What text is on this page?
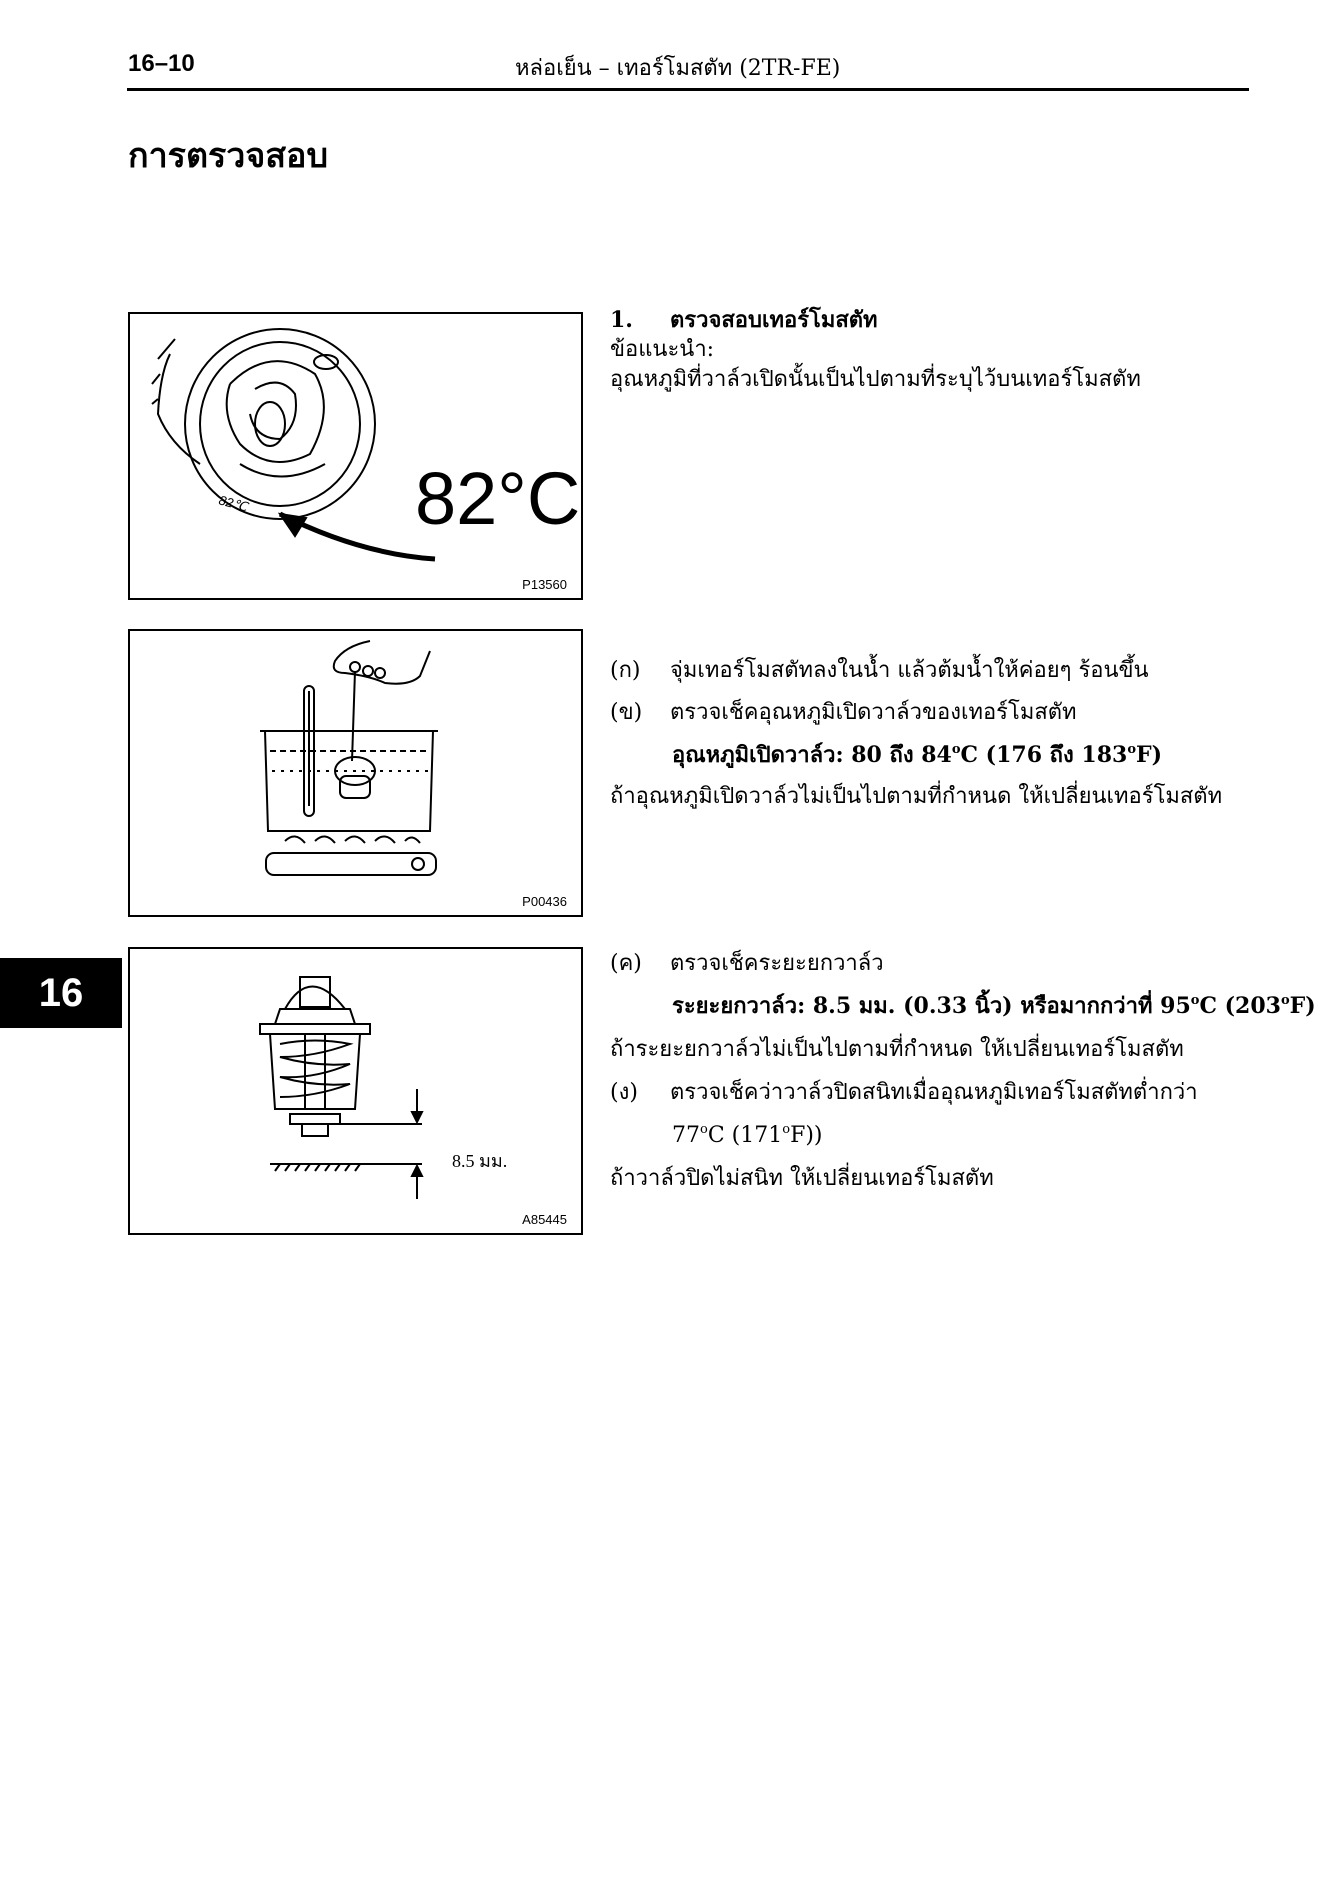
16–10	หล่อเย็น – เทอร์โมสตัท (2TR-FE)
การตรวจสอบ
82℃ 82°C
P13560
P00436
8.5 มม.
A85445
1. ตรวจสอบเทอร์โมสตัท
ข้อแนะนำ:
อุณหภูมิที่วาล์วเปิดนั้นเป็นไปตามที่ระบุไว้บนเทอร์โมสตัท
(ก) จุ่มเทอร์โมสตัทลงในน้ำ แล้วต้มน้ำให้ค่อยๆ ร้อนขึ้น
(ข) ตรวจเช็คอุณหภูมิเปิดวาล์วของเทอร์โมสตัท
อุณหภูมิเปิดวาล์ว: 80 ถึง 84$^o$C (176 ถึง 183$^o$F)
ถ้าอุณหภูมิเปิดวาล์วไม่เป็นไปตามที่กำหนด ให้เปลี่ยนเทอร์โมสตัท
(ค) ตรวจเช็คระยะยกวาล์ว
ระยะยกวาล์ว: 8.5 มม. (0.33 นิ้ว) หรือมากกว่าที่ 95$^o$C (203$^o$F)
ถ้าระยะยกวาล์วไม่เป็นไปตามที่กำหนด ให้เปลี่ยนเทอร์โมสตัท
(ง) ตรวจเช็คว่าวาล์วปิดสนิทเมื่ออุณหภูมิเทอร์โมสตัทต่ำกว่า
77$^o$C (171$^o$F))
ถ้าวาล์วปิดไม่สนิท ให้เปลี่ยนเทอร์โมสตัท
16
